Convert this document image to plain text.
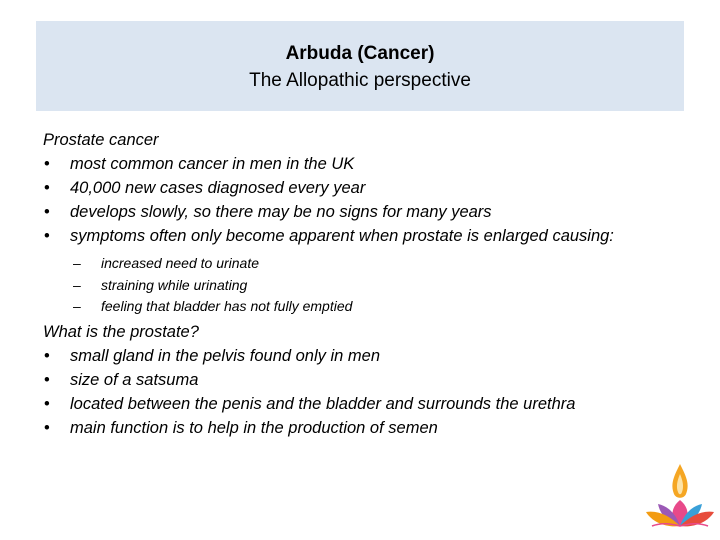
Arbuda (Cancer)
The Allopathic perspective
Prostate cancer
•	most common cancer in men in the UK
•	40,000 new cases diagnosed every year
•	develops slowly, so there may be no signs for many years
•	symptoms often only become apparent when prostate is enlarged causing:
–	increased need to urinate
–	straining while urinating
–	feeling that bladder has not fully emptied
What is the prostate?
•	small gland in the pelvis found only in men
•	size of a satsuma
•	located between the penis and the bladder and surrounds the urethra
•	main function is to help in the production of semen
